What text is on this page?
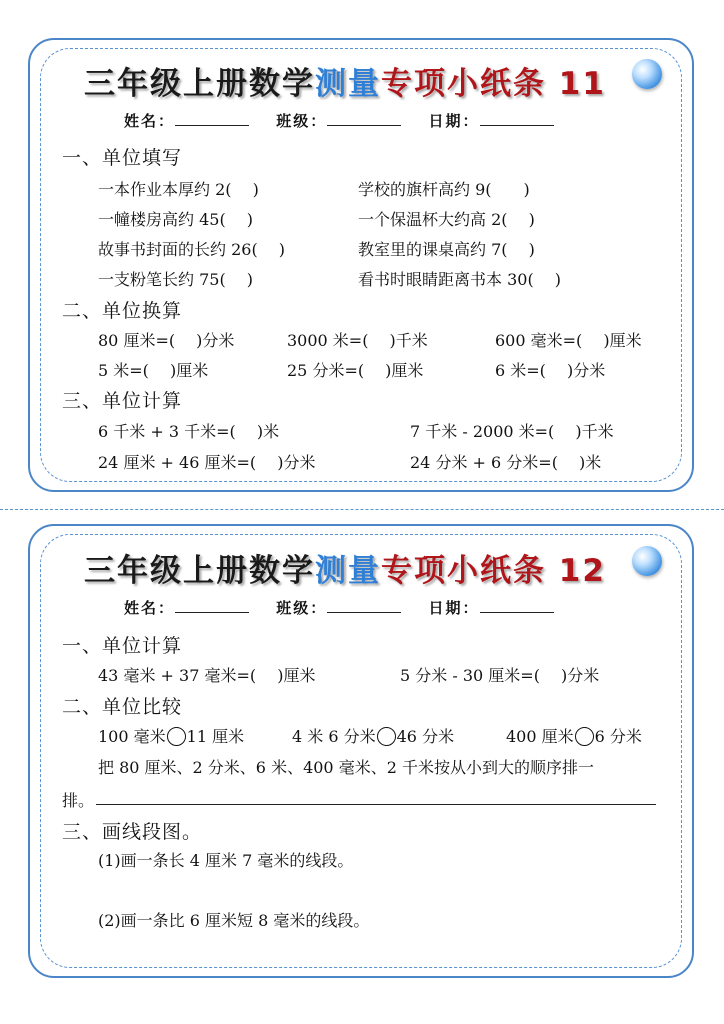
三年级上册数学测量专项小纸条 11
姓名：	班级：	日期：
一、单位填写
一本作业本厚约 2(　 )	学校的旗杆高约 9(　　)
一幢楼房高约 45(　 )	一个保温杯大约高 2(　 )
故事书封面的长约 26(　 )	教室里的课桌高约 7(　 )
一支粉笔长约 75(　 )	看书时眼睛距离书本 30(　 )
二、单位换算
80 厘米=(　 )分米	3000 米=(　 )千米	600 毫米=(　 )厘米
5 米=(　 )厘米	25 分米=(　 )厘米	6 米=(　 )分米
三、单位计算
6 千米 + 3 千米=(　 )米	7 千米 - 2000 米=(　 )千米
24 厘米 + 46 厘米=(　 )分米	24 分米 + 6 分米=(　 )米
三年级上册数学测量专项小纸条 12
姓名：	班级：	日期：
一、单位计算
43 毫米 + 37 毫米=(　 )厘米	5 分米 - 30 厘米=(　 )分米
二、单位比较
100 毫米 11 厘米	4 米 6 分米 46 分米	400 厘米 6 分米
把 80 厘米、2 分米、6 米、400 毫米、2 千米按从小到大的顺序排一
排。
三、画线段图。
(1)画一条长 4 厘米 7 毫米的线段。
(2)画一条比 6 厘米短 8 毫米的线段。
